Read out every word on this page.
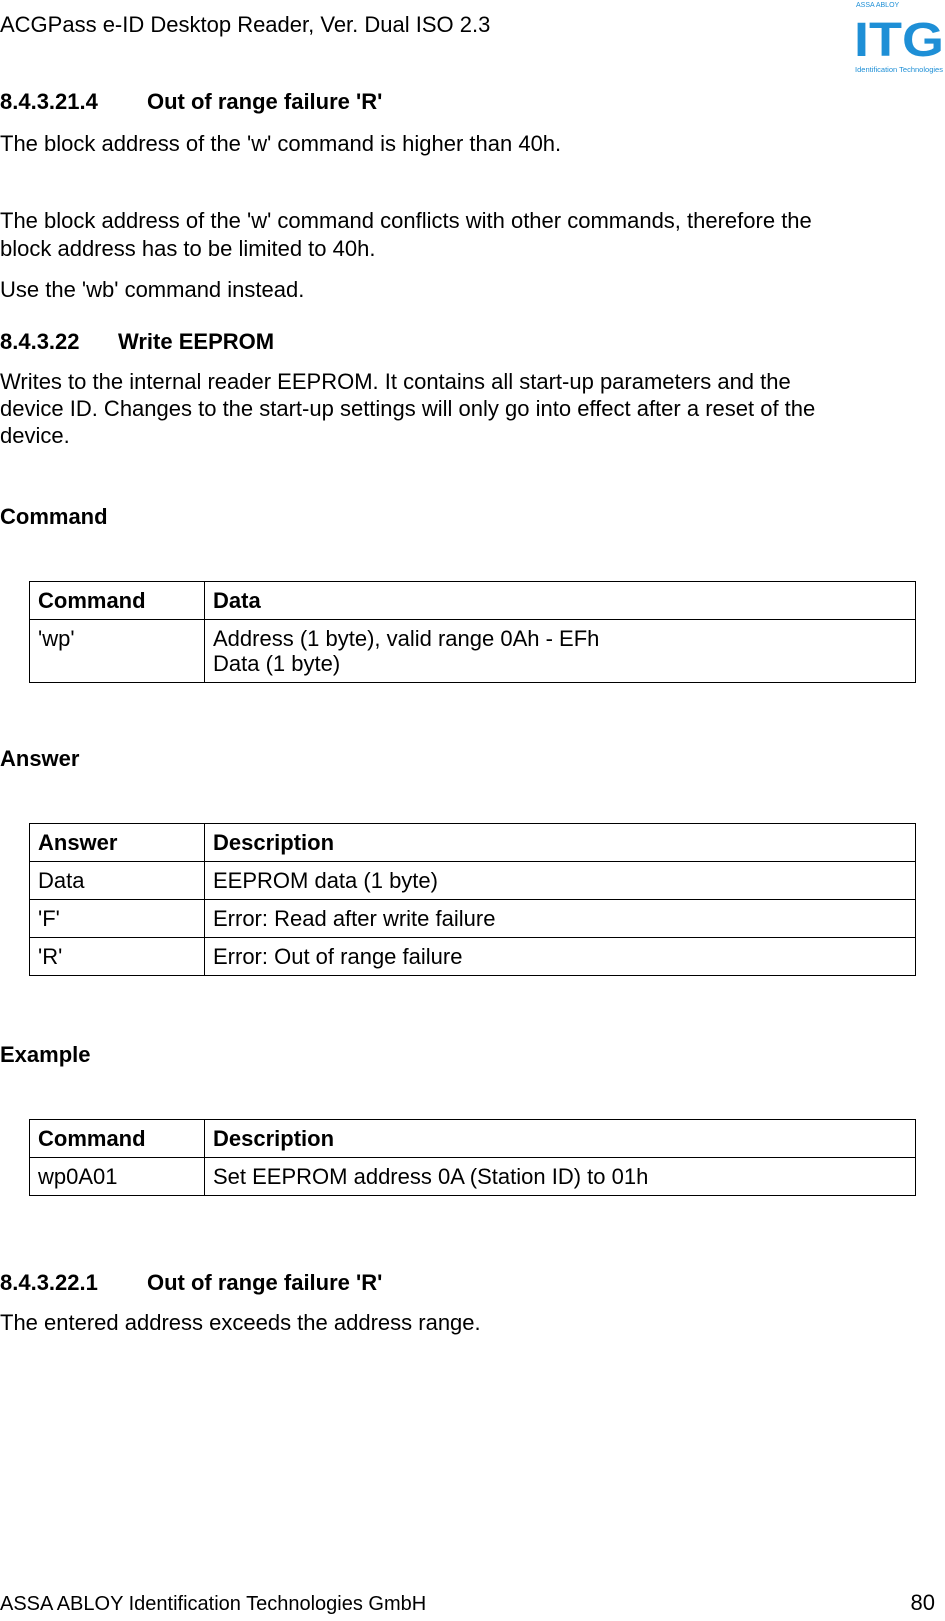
ACGPass e-ID Desktop Reader, Ver. Dual ISO 2.3
ASSA ABLOY
ITG
Identification Technologies
8.4.3.21.4 Out of range failure 'R'
The block address of the 'w' command is higher than 40h.
The block address of the 'w' command conflicts with other commands, therefore the
block address has to be limited to 40h.
Use the 'wb' command instead.
8.4.3.22 Write EEPROM
Writes to the internal reader EEPROM. It contains all start-up parameters and the
device ID. Changes to the start-up settings will only go into effect after a reset of the
device.
Command
Command	Data
'wp'	Address (1 byte), valid range 0Ah - EFh
Data (1 byte)
Answer
Answer	Description
Data	EEPROM data (1 byte)
'F'	Error: Read after write failure
'R'	Error: Out of range failure
Example
Command	Description
wp0A01	Set EEPROM address 0A (Station ID) to 01h
8.4.3.22.1 Out of range failure 'R'
The entered address exceeds the address range.
ASSA ABLOY Identification Technologies GmbH	80
